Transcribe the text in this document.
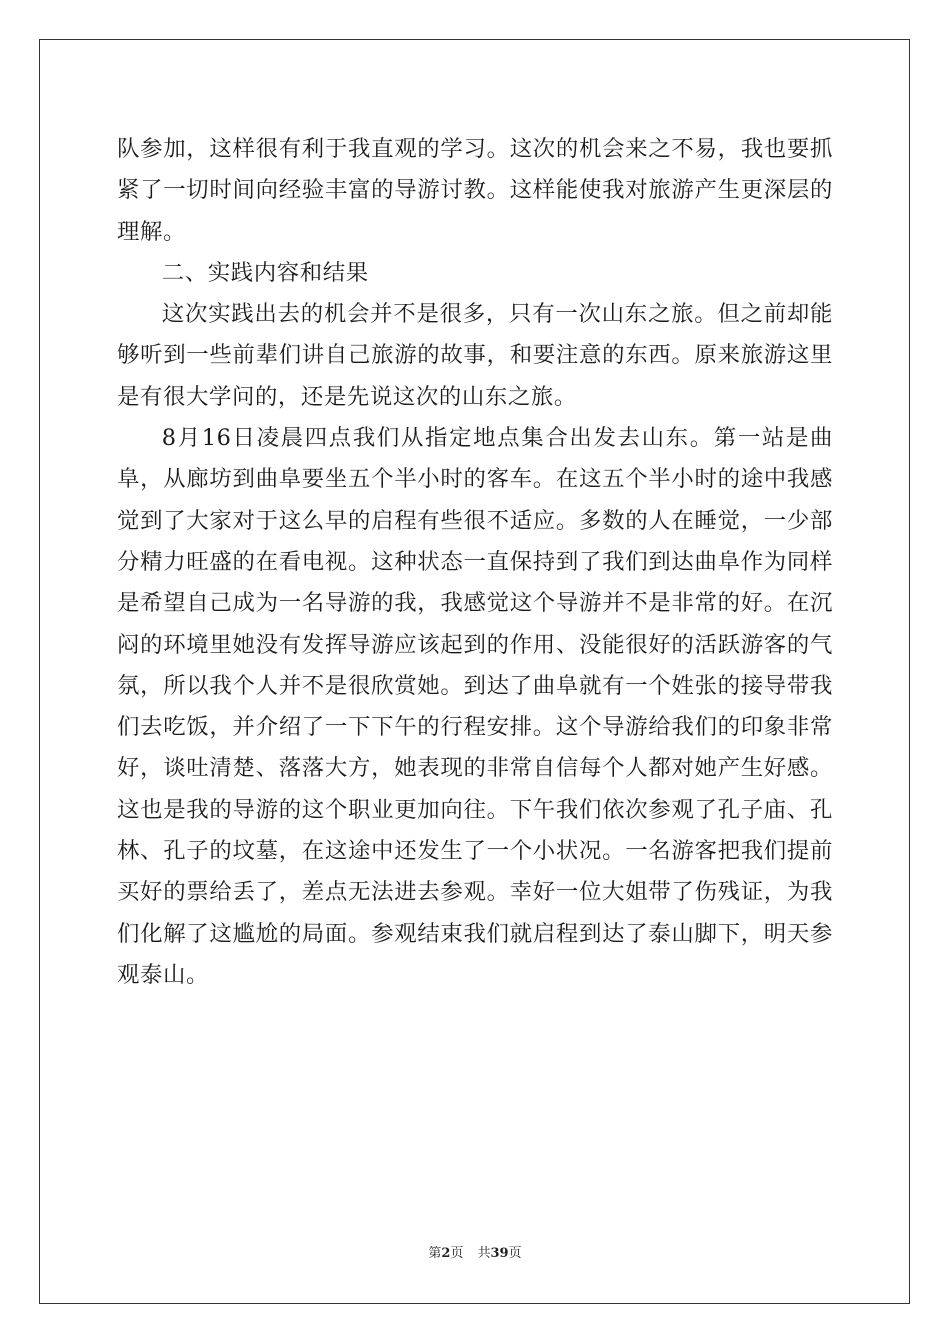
队参加，这样很有利于我直观的学习。这次的机会来之不易，我也要抓紧了一切时间向经验丰富的导游讨教。这样能使我对旅游产生更深层的理解。

二、实践内容和结果

这次实践出去的机会并不是很多，只有一次山东之旅。但之前却能够听到一些前辈们讲自己旅游的故事，和要注意的东西。原来旅游这里是有很大学问的，还是先说这次的山东之旅。

8月16日凌晨四点我们从指定地点集合出发去山东。第一站是曲阜，从廊坊到曲阜要坐五个半小时的客车。在这五个半小时的途中我感觉到了大家对于这么早的启程有些很不适应。多数的人在睡觉，一少部分精力旺盛的在看电视。这种状态一直保持到了我们到达曲阜作为同样是希望自己成为一名导游的我，我感觉这个导游并不是非常的好。在沉闷的环境里她没有发挥导游应该起到的作用、没能很好的活跃游客的气氛，所以我个人并不是很欣赏她。到达了曲阜就有一个姓张的接导带我们去吃饭，并介绍了一下下午的行程安排。这个导游给我们的印象非常好，谈吐清楚、落落大方，她表现的非常自信每个人都对她产生好感。这也是我的导游的这个职业更加向往。下午我们依次参观了孔子庙、孔林、孔子的坟墓，在这途中还发生了一个小状况。一名游客把我们提前买好的票给丢了，差点无法进去参观。幸好一位大姐带了伤残证，为我们化解了这尴尬的局面。参观结束我们就启程到达了泰山脚下，明天参观泰山。

第2页 共39页
